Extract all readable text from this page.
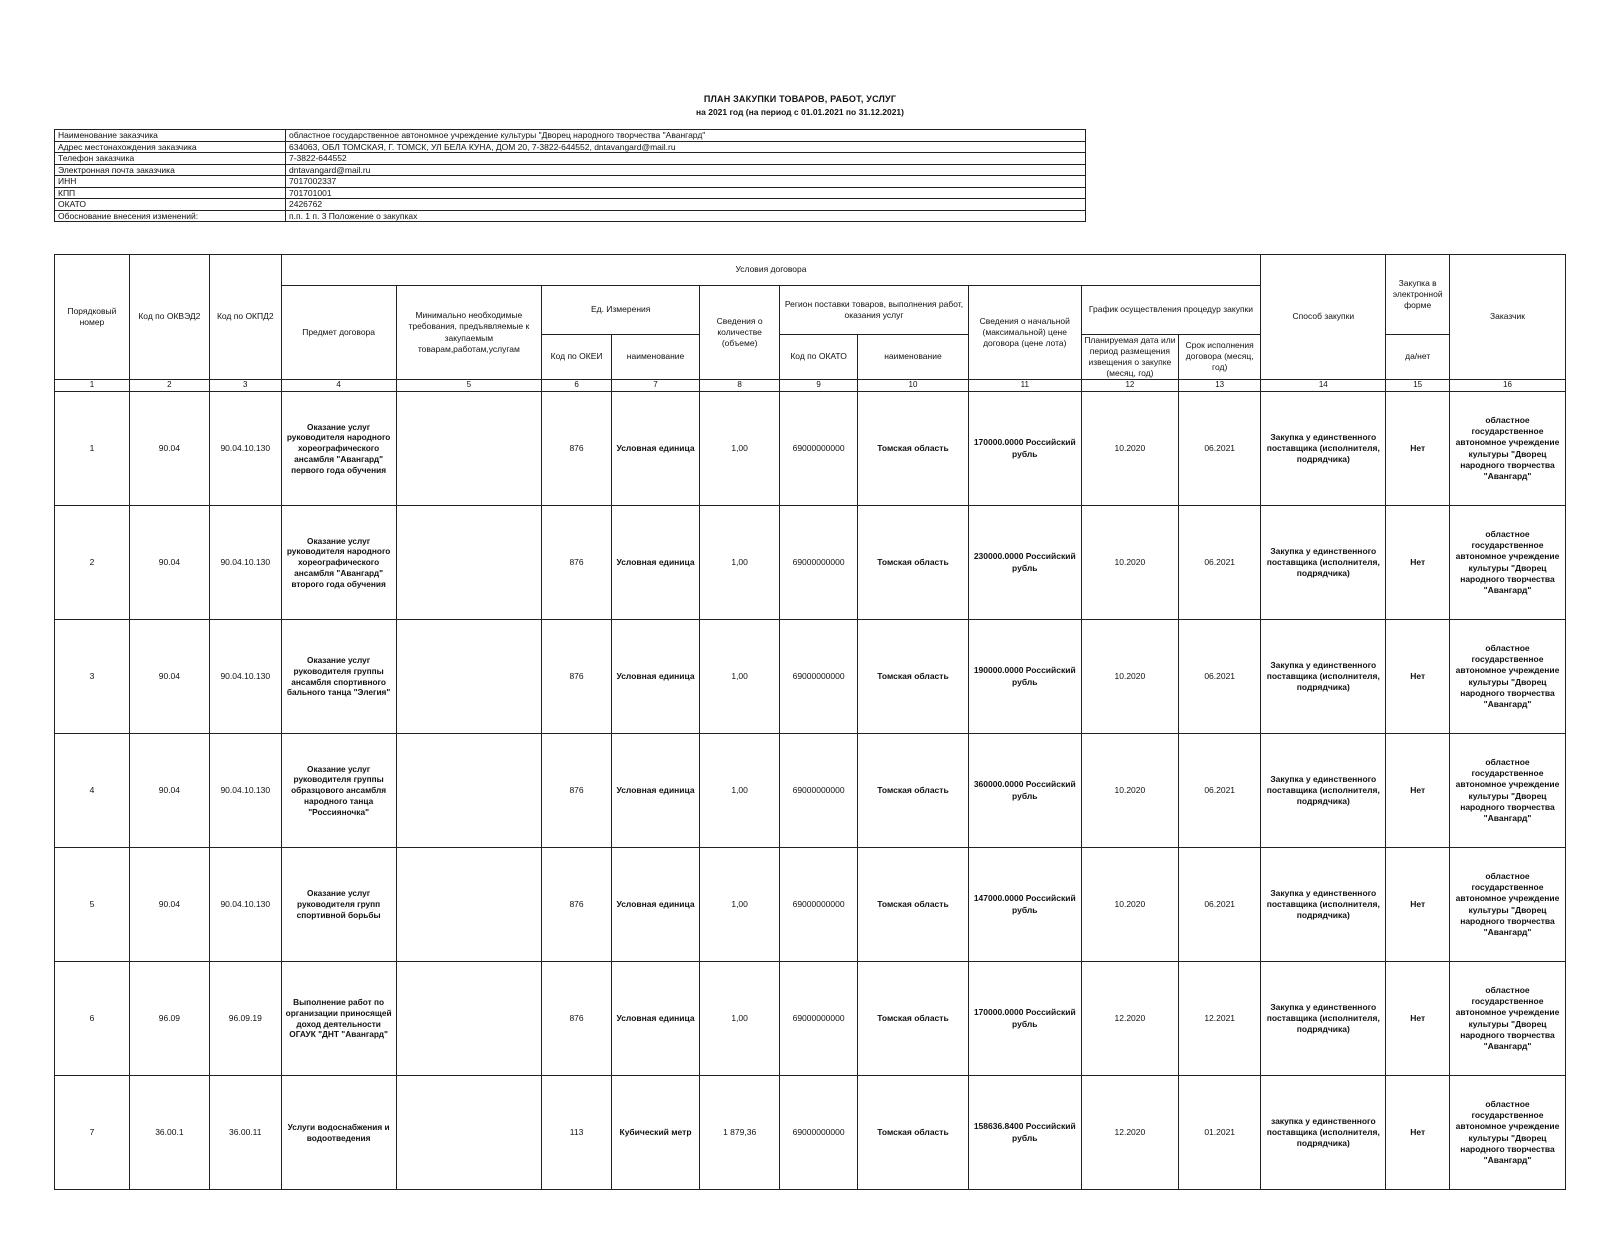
ПЛАН ЗАКУПКИ ТОВАРОВ, РАБОТ, УСЛУГ
на 2021 год (на период с 01.01.2021 по 31.12.2021)
Наименование заказчика	областное государственное автономное учреждение культуры "Дворец народного творчества "Авангард"
Адрес местонахождения заказчика	634063, ОБЛ ТОМСКАЯ, Г. ТОМСК, УЛ БЕЛА КУНА, ДОМ 20, 7-3822-644552, dntavangard@mail.ru
Телефон заказчика	7-3822-644552
Электронная почта заказчика	dntavangard@mail.ru
ИНН	7017002337
КПП	701701001
ОКАТО	2426762
Обоснование внесения изменений:	п.п. 1 п. 3 Положение о закупках
Порядковый номер	Код по ОКВЭД2	Код по ОКПД2	Условия договора										Способ закупки	Закупка в электронной форме	Заказчик
			Предмет договора	Минимально необходимые требования, предъявляемые к закупаемым товарам,работам,услугам	Ед. Измерения		Сведения о количестве (объеме)	Регион поставки товаров, выполнения работ, оказания услуг		Сведения о начальной (максимальной) цене договора (цене лота)	График осуществления процедур закупки				
					Код по ОКЕИ	наименование		Код по ОКАТО	наименование		Планируемая дата или период размещения извещения о закупке (месяц, год)	Срок исполнения договора (месяц, год)		да/нет	
1	2	3	4	5	6	7	8	9	10	11	12	13	14	15	16
1	90.04	90.04.10.130	Оказание услуг руководителя народного хореографического ансамбля "Авангард" первого года обучения		876	Условная единица	1,00	69000000000	Томская область	170000.0000 Российский рубль	10.2020	06.2021	Закупка у единственного поставщика (исполнителя, подрядчика)	Нет	областное государственное автономное учреждение культуры "Дворец народного творчества "Авангард"
2	90.04	90.04.10.130	Оказание услуг руководителя народного хореографического ансамбля "Авангард" второго года обучения		876	Условная единица	1,00	69000000000	Томская область	230000.0000 Российский рубль	10.2020	06.2021	Закупка у единственного поставщика (исполнителя, подрядчика)	Нет	областное государственное автономное учреждение культуры "Дворец народного творчества "Авангард"
3	90.04	90.04.10.130	Оказание услуг руководителя группы ансамбля спортивного бального танца "Элегия"		876	Условная единица	1,00	69000000000	Томская область	190000.0000 Российский рубль	10.2020	06.2021	Закупка у единственного поставщика (исполнителя, подрядчика)	Нет	областное государственное автономное учреждение культуры "Дворец народного творчества "Авангард"
4	90.04	90.04.10.130	Оказание услуг руководителя группы образцового ансамбля народного танца "Россияночка"		876	Условная единица	1,00	69000000000	Томская область	360000.0000 Российский рубль	10.2020	06.2021	Закупка у единственного поставщика (исполнителя, подрядчика)	Нет	областное государственное автономное учреждение культуры "Дворец народного творчества "Авангард"
5	90.04	90.04.10.130	Оказание услуг руководителя групп спортивной борьбы		876	Условная единица	1,00	69000000000	Томская область	147000.0000 Российский рубль	10.2020	06.2021	Закупка у единственного поставщика (исполнителя, подрядчика)	Нет	областное государственное автономное учреждение культуры "Дворец народного творчества "Авангард"
6	96.09	96.09.19	Выполнение работ по организации приносящей доход деятельности ОГАУК "ДНТ "Авангард"		876	Условная единица	1,00	69000000000	Томская область	170000.0000 Российский рубль	12.2020	12.2021	Закупка у единственного поставщика (исполнителя, подрядчика)	Нет	областное государственное автономное учреждение культуры "Дворец народного творчества "Авангард"
7	36.00.1	36.00.11	Услуги водоснабжения и водоотведения		113	Кубический метр	1 879,36	69000000000	Томская область	158636.8400 Российский рубль	12.2020	01.2021	закупка у единственного поставщика (исполнителя, подрядчика)	Нет	областное государственное автономное учреждение культуры "Дворец народного творчества "Авангард"
